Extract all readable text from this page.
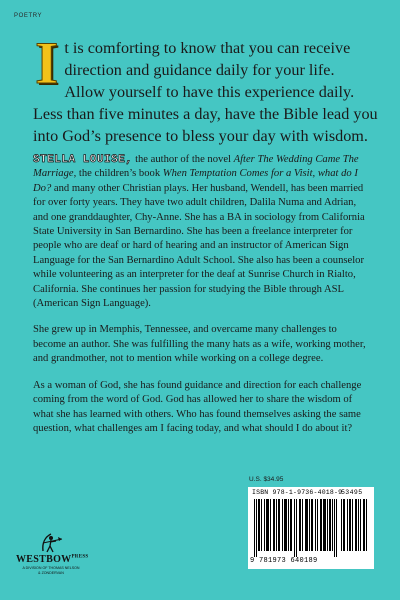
POETRY
I t is comforting to know that you can receive direction and guidance daily for your life. Allow yourself to have this experience daily. Less than five minutes a day, have the Bible lead you into God’s presence to bless your day with wisdom.

STELLA LOUISE, the author of the novel After The Wedding Came The Marriage, the children’s book When Temptation Comes for a Visit, what do I Do? and many other Christian plays. Her husband, Wendell, has been married for over forty years. They have two adult children, Dalila Numa and Adrian, and one granddaughter, Chy-Anne. She has a BA in sociology from California State University in San Bernardino. She has been a freelance interpreter for people who are deaf or hard of hearing and an instructor of American Sign Language for the San Bernardino Adult School. She also has been a counselor while volunteering as an interpreter for the deaf at Sunrise Church in Rialto, California. She continues her passion for studying the Bible through ASL (American Sign Language).

She grew up in Memphis, Tennessee, and overcame many challenges to become an author. She was fulfilling the many hats as a wife, working mother, and grandmother, not to mention while working on a college degree.

As a woman of God, she has found guidance and direction for each challenge coming from the word of God. God has allowed her to share the wisdom of what she has learned with others. Who has found themselves asking the same question, what challenges am I facing today, and what should I do about it?

U.S. $34.95
ISBN 978-1-9736-4018-9
53495
9 781973 640189
$WESTBOW^{PRESS}$
A DIVISION OF THOMAS NELSON
& ZONDERVAN
